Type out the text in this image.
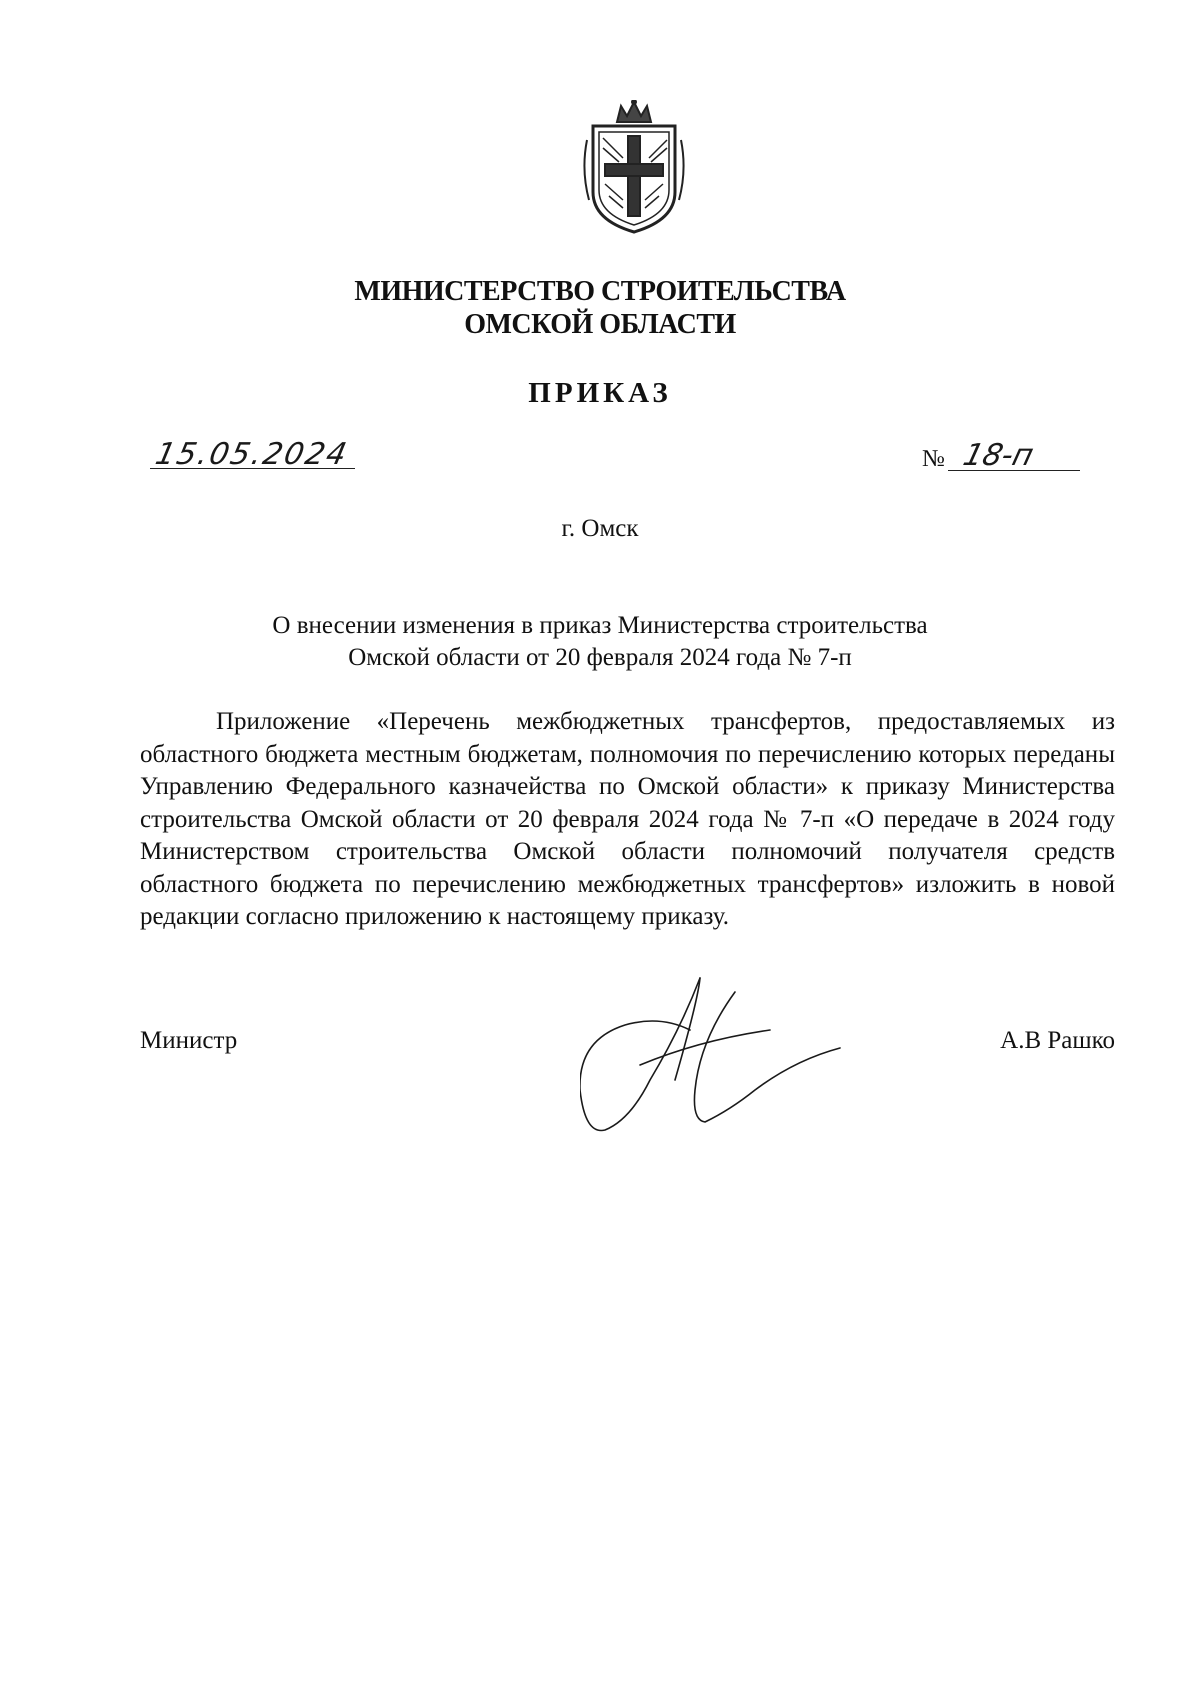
МИНИСТЕРСТВО СТРОИТЕЛЬСТВА
ОМСКОЙ ОБЛАСТИ
ПРИКАЗ
15.05.2024	№ 18-п
г. Омск
О внесении изменения в приказ Министерства строительства
Омской области от 20 февраля 2024 года № 7-п

Приложение «Перечень межбюджетных трансфертов, предоставляемых из областного бюджета местным бюджетам, полномочия по перечислению которых переданы Управлению Федерального казначейства по Омской области» к приказу Министерства строительства Омской области от 20 февраля 2024 года № 7-п «О передаче в 2024 году Министерством строительства Омской области полномочий получателя средств областного бюджета по перечислению межбюджетных трансфертов» изложить в новой редакции согласно приложению к настоящему приказу.

Министр	А.В Рашко
